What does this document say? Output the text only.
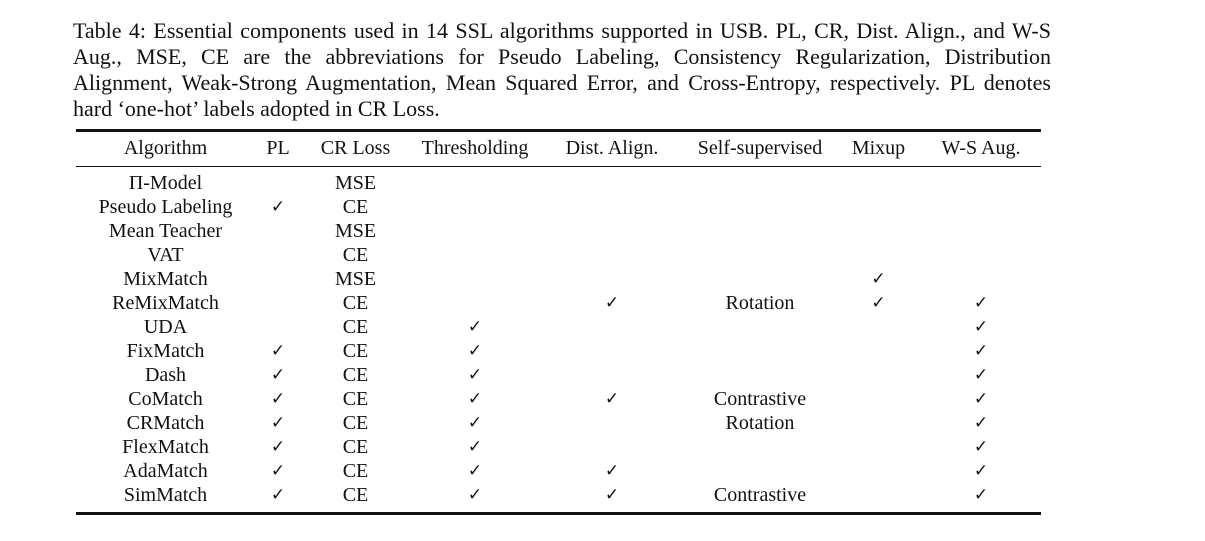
Table 4: Essential components used in 14 SSL algorithms supported in USB. PL, CR, Dist. Align., and W-S Aug., MSE, CE are the abbreviations for Pseudo Labeling, Consistency Regularization, Distribution Alignment, Weak-Strong Augmentation, Mean Squared Error, and Cross-Entropy, respectively. PL denotes hard ‘one-hot’ labels adopted in CR Loss.

Algorithm	PL	CR Loss	Thresholding	Dist. Align.	Self-supervised	Mixup	W-S Aug.
Π-Model		MSE					
Pseudo Labeling	✓	CE					
Mean Teacher		MSE					
VAT		CE					
MixMatch		MSE				✓	
ReMixMatch		CE		✓	Rotation	✓	✓
UDA		CE	✓				✓
FixMatch	✓	CE	✓				✓
Dash	✓	CE	✓				✓
CoMatch	✓	CE	✓	✓	Contrastive		✓
CRMatch	✓	CE	✓		Rotation		✓
FlexMatch	✓	CE	✓				✓
AdaMatch	✓	CE	✓	✓			✓
SimMatch	✓	CE	✓	✓	Contrastive		✓
